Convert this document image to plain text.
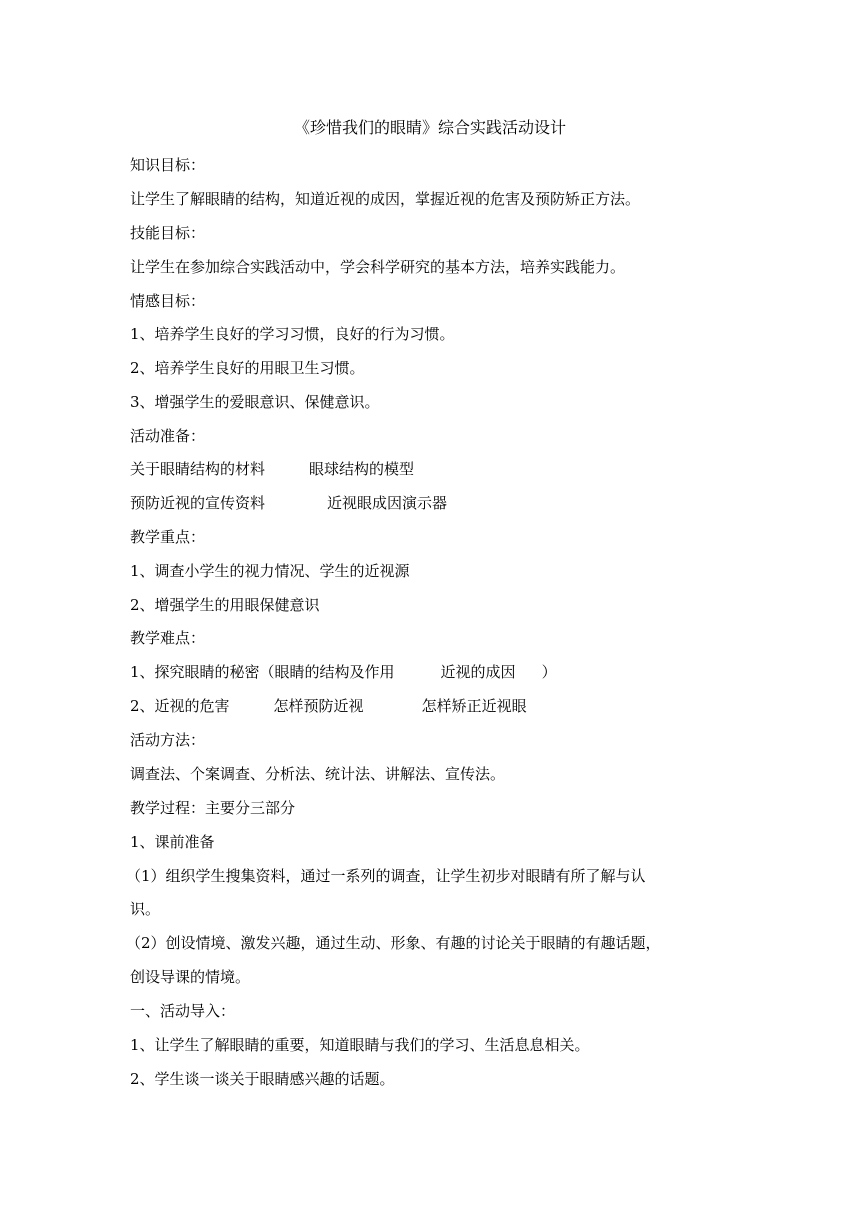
《珍惜我们的眼睛》综合实践活动设计
知识目标：
让学生了解眼睛的结构，知道近视的成因，掌握近视的危害及预防矫正方法。
技能目标：
让学生在参加综合实践活动中，学会科学研究的基本方法，培养实践能力。
情感目标：
1、培养学生良好的学习习惯，良好的行为习惯。
2、培养学生良好的用眼卫生习惯。
3、增强学生的爱眼意识、保健意识。
活动准备：
关于眼睛结构的材料	眼球结构的模型
预防近视的宣传资料	近视眼成因演示器
教学重点：
1、调查小学生的视力情况、学生的近视源
2、增强学生的用眼保健意识
教学难点：
1、探究眼睛的秘密（眼睛的结构及作用	近视的成因 ）
2、近视的危害	怎样预防近视	怎样矫正近视眼
活动方法：
调查法、个案调查、分析法、统计法、讲解法、宣传法。
教学过程：主要分三部分
1、课前准备
（1）组织学生搜集资料，通过一系列的调查，让学生初步对眼睛有所了解与认
识。
（2）创设情境、激发兴趣，通过生动、形象、有趣的讨论关于眼睛的有趣话题，
创设导课的情境。
一、活动导入：
1、让学生了解眼睛的重要，知道眼睛与我们的学习、生活息息相关。
2、学生谈一谈关于眼睛感兴趣的话题。
